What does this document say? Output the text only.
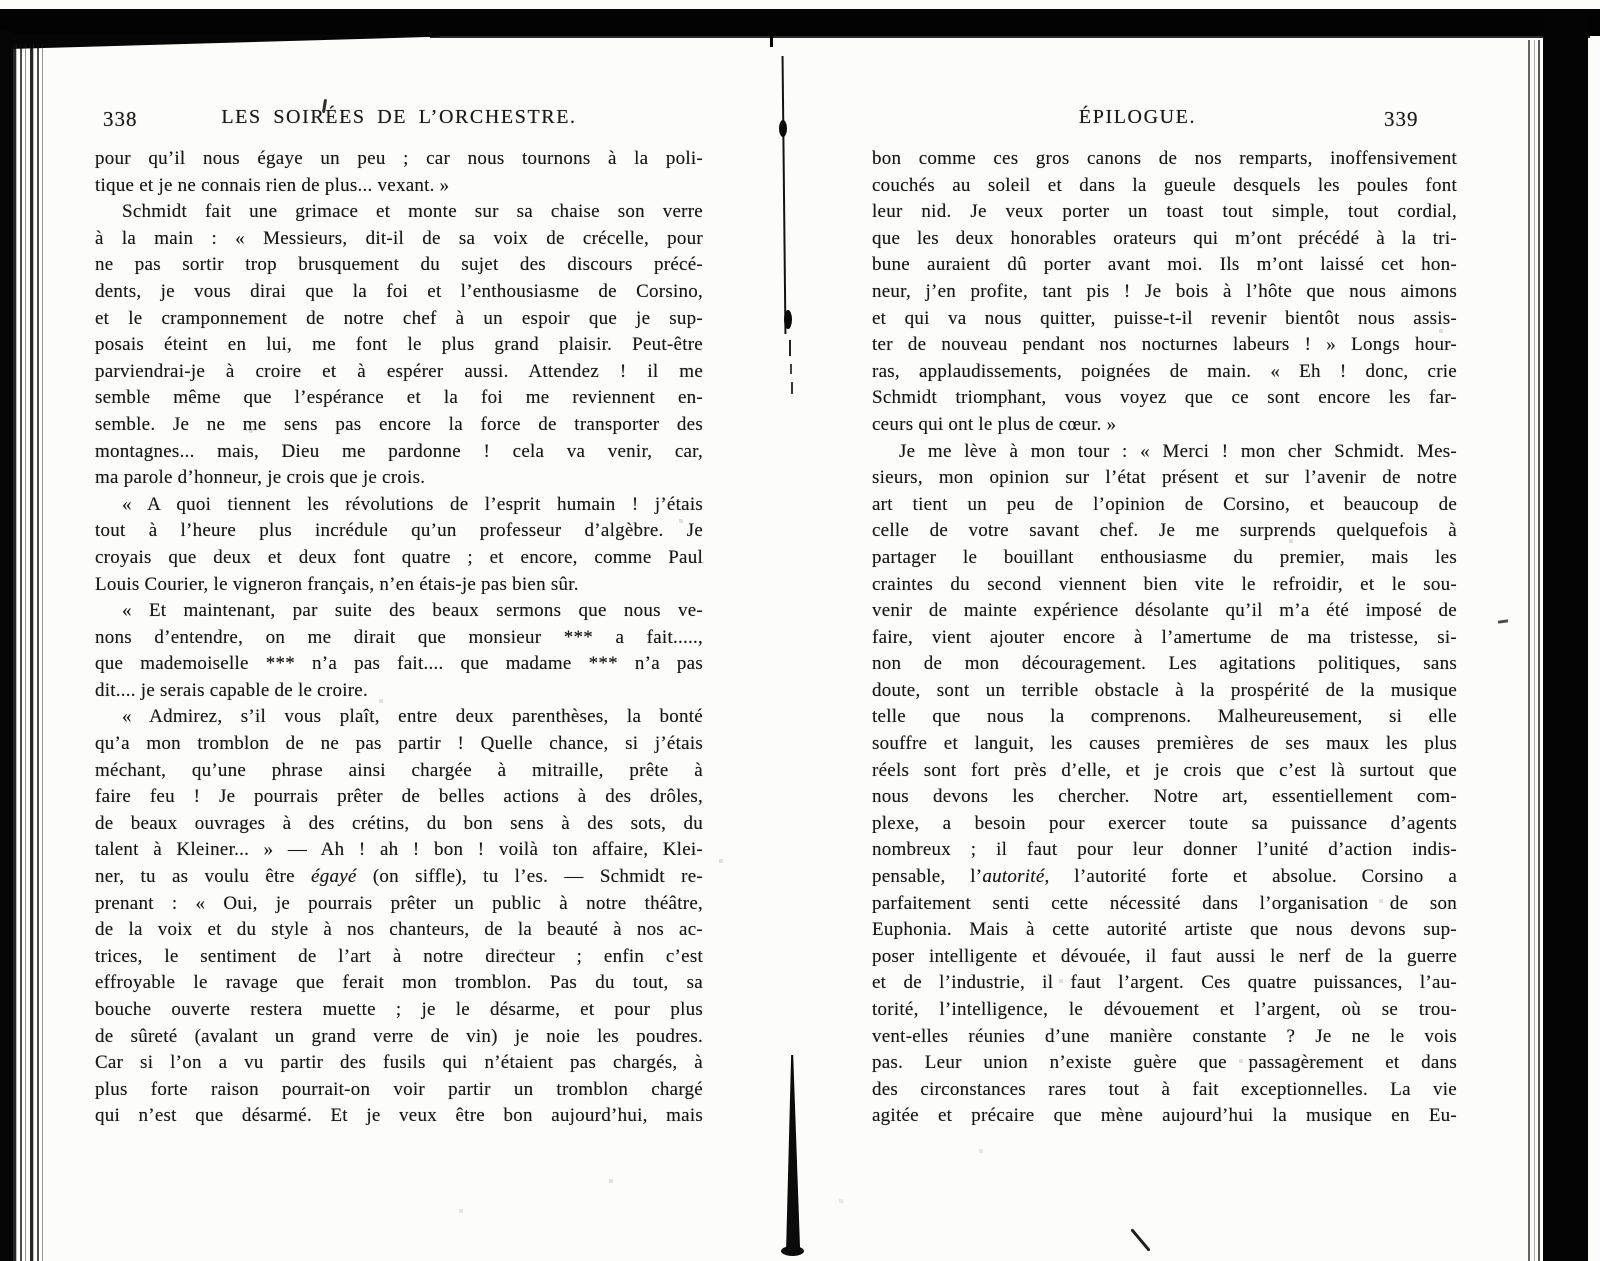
338	LES SOIRÉES DE L’ORCHESTRE.
pour qu’il nous égaye un peu ; car nous tournons à la poli-
tique et je ne connais rien de plus... vexant. »
Schmidt fait une grimace et monte sur sa chaise son verre
à la main : « Messieurs, dit-il de sa voix de crécelle, pour
ne pas sortir trop brusquement du sujet des discours précé-
dents, je vous dirai que la foi et l’enthousiasme de Corsino,
et le cramponnement de notre chef à un espoir que je sup-
posais éteint en lui, me font le plus grand plaisir. Peut-être
parviendrai-je à croire et à espérer aussi. Attendez ! il me
semble même que l’espérance et la foi me reviennent en-
semble. Je ne me sens pas encore la force de transporter des
montagnes... mais, Dieu me pardonne ! cela va venir, car,
ma parole d’honneur, je crois que je crois.
« A quoi tiennent les révolutions de l’esprit humain ! j’étais
tout à l’heure plus incrédule qu’un professeur d’algèbre. Je
croyais que deux et deux font quatre ; et encore, comme Paul
Louis Courier, le vigneron français, n’en étais-je pas bien sûr.
« Et maintenant, par suite des beaux sermons que nous ve-
nons d’entendre, on me dirait que monsieur *** a fait.....,
que mademoiselle *** n’a pas fait.... que madame *** n’a pas
dit.... je serais capable de le croire.
« Admirez, s’il vous plaît, entre deux parenthèses, la bonté
qu’a mon tromblon de ne pas partir ! Quelle chance, si j’étais
méchant, qu’une phrase ainsi chargée à mitraille, prête à
faire feu ! Je pourrais prêter de belles actions à des drôles,
de beaux ouvrages à des crétins, du bon sens à des sots, du
talent à Kleiner... » — Ah ! ah ! bon ! voilà ton affaire, Klei-
ner, tu as voulu être égayé (on siffle), tu l’es. — Schmidt re-
prenant : « Oui, je pourrais prêter un public à notre théâtre,
de la voix et du style à nos chanteurs, de la beauté à nos ac-
trices, le sentiment de l’art à notre directeur ; enfin c’est
effroyable le ravage que ferait mon tromblon. Pas du tout, sa
bouche ouverte restera muette ; je le désarme, et pour plus
de sûreté (avalant un grand verre de vin) je noie les poudres.
Car si l’on a vu partir des fusils qui n’étaient pas chargés, à
plus forte raison pourrait-on voir partir un tromblon chargé
qui n’est que désarmé. Et je veux être bon aujourd’hui, mais
ÉPILOGUE.	339
bon comme ces gros canons de nos remparts, inoffensivement
couchés au soleil et dans la gueule desquels les poules font
leur nid. Je veux porter un toast tout simple, tout cordial,
que les deux honorables orateurs qui m’ont précédé à la tri-
bune auraient dû porter avant moi. Ils m’ont laissé cet hon-
neur, j’en profite, tant pis ! Je bois à l’hôte que nous aimons
et qui va nous quitter, puisse-t-il revenir bientôt nous assis-
ter de nouveau pendant nos nocturnes labeurs ! » Longs hour-
ras, applaudissements, poignées de main. « Eh ! donc, crie
Schmidt triomphant, vous voyez que ce sont encore les far-
ceurs qui ont le plus de cœur. »
Je me lève à mon tour : « Merci ! mon cher Schmidt. Mes-
sieurs, mon opinion sur l’état présent et sur l’avenir de notre
art tient un peu de l’opinion de Corsino, et beaucoup de
celle de votre savant chef. Je me surprends quelquefois à
partager le bouillant enthousiasme du premier, mais les
craintes du second viennent bien vite le refroidir, et le sou-
venir de mainte expérience désolante qu’il m’a été imposé de
faire, vient ajouter encore à l’amertume de ma tristesse, si-
non de mon découragement. Les agitations politiques, sans
doute, sont un terrible obstacle à la prospérité de la musique
telle que nous la comprenons. Malheureusement, si elle
souffre et languit, les causes premières de ses maux les plus
réels sont fort près d’elle, et je crois que c’est là surtout que
nous devons les chercher. Notre art, essentiellement com-
plexe, a besoin pour exercer toute sa puissance d’agents
nombreux ; il faut pour leur donner l’unité d’action indis-
pensable, l’autorité, l’autorité forte et absolue. Corsino a
parfaitement senti cette nécessité dans l’organisation de son
Euphonia. Mais à cette autorité artiste que nous devons sup-
poser intelligente et dévouée, il faut aussi le nerf de la guerre
et de l’industrie, il faut l’argent. Ces quatre puissances, l’au-
torité, l’intelligence, le dévouement et l’argent, où se trou-
vent-elles réunies d’une manière constante ? Je ne le vois
pas. Leur union n’existe guère que passagèrement et dans
des circonstances rares tout à fait exceptionnelles. La vie
agitée et précaire que mène aujourd’hui la musique en Eu-
